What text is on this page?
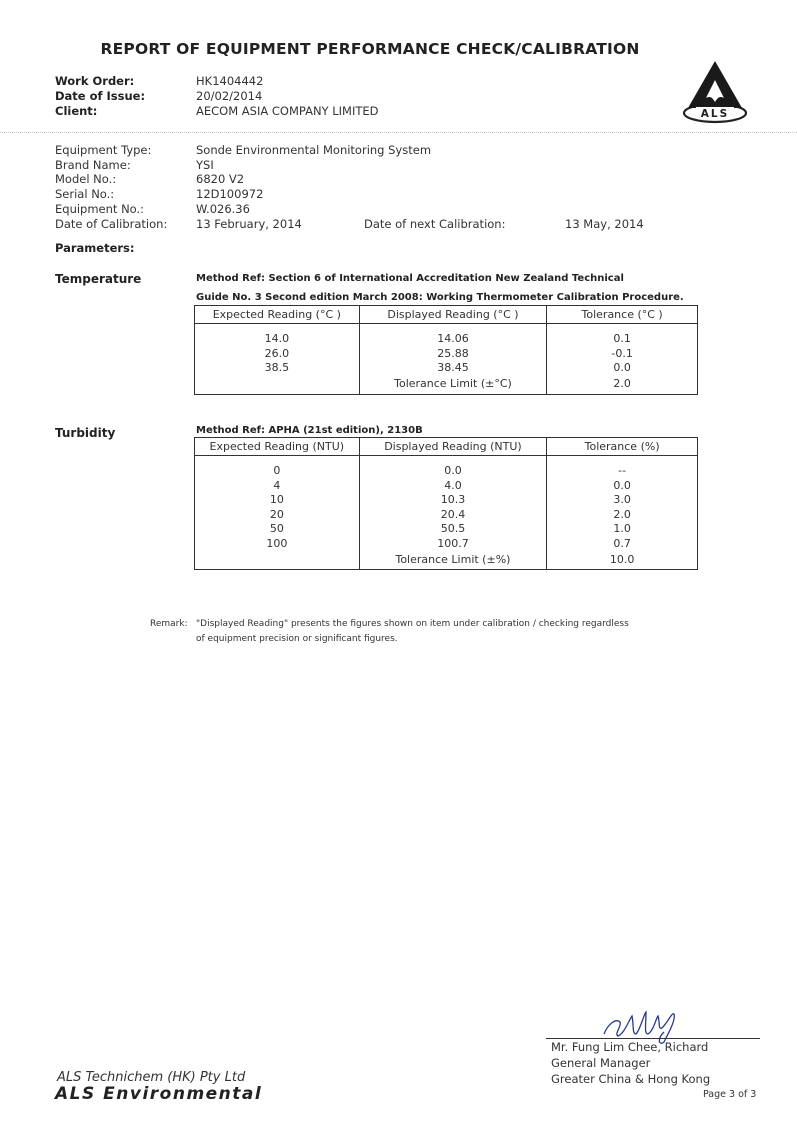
REPORT OF EQUIPMENT PERFORMANCE CHECK/CALIBRATION
ALS
Work Order:	HK1404442
Date of Issue:	20/02/2014
Client:	AECOM ASIA COMPANY LIMITED
Equipment Type:	Sonde Environmental Monitoring System
Brand Name:	YSI
Model No.:	6820 V2
Serial No.:	12D100972
Equipment No.:	W.026.36
Date of Calibration: 13 February, 2014	Date of next Calibration:	13 May, 2014
Parameters:
Temperature	Method Ref: Section 6 of International Accreditation New Zealand Technical
Guide No. 3 Second edition March 2008: Working Thermometer Calibration Procedure.
Expected Reading (°C )	Displayed Reading (°C )	Tolerance (°C )

14.0	14.06	0.1
26.0	25.88	-0.1
38.5	38.45	0.0
	Tolerance Limit (±°C)	2.0
Turbidity	Method Ref: APHA (21st edition), 2130B
Expected Reading (NTU)	Displayed Reading (NTU)	Tolerance (%)

0	0.0	--
4	4.0	0.0
10	10.3	3.0
20	20.4	2.0
50	50.5	1.0
100	100.7	0.7
	Tolerance Limit (±%)	10.0
Remark: "Displayed Reading" presents the figures shown on item under calibration / checking regardless
of equipment precision or significant figures.
Mr. Fung Lim Chee, Richard
General Manager
Greater China & Hong Kong
ALS Technichem (HK) Pty Ltd
ALS Environmental	Page 3 of 3
